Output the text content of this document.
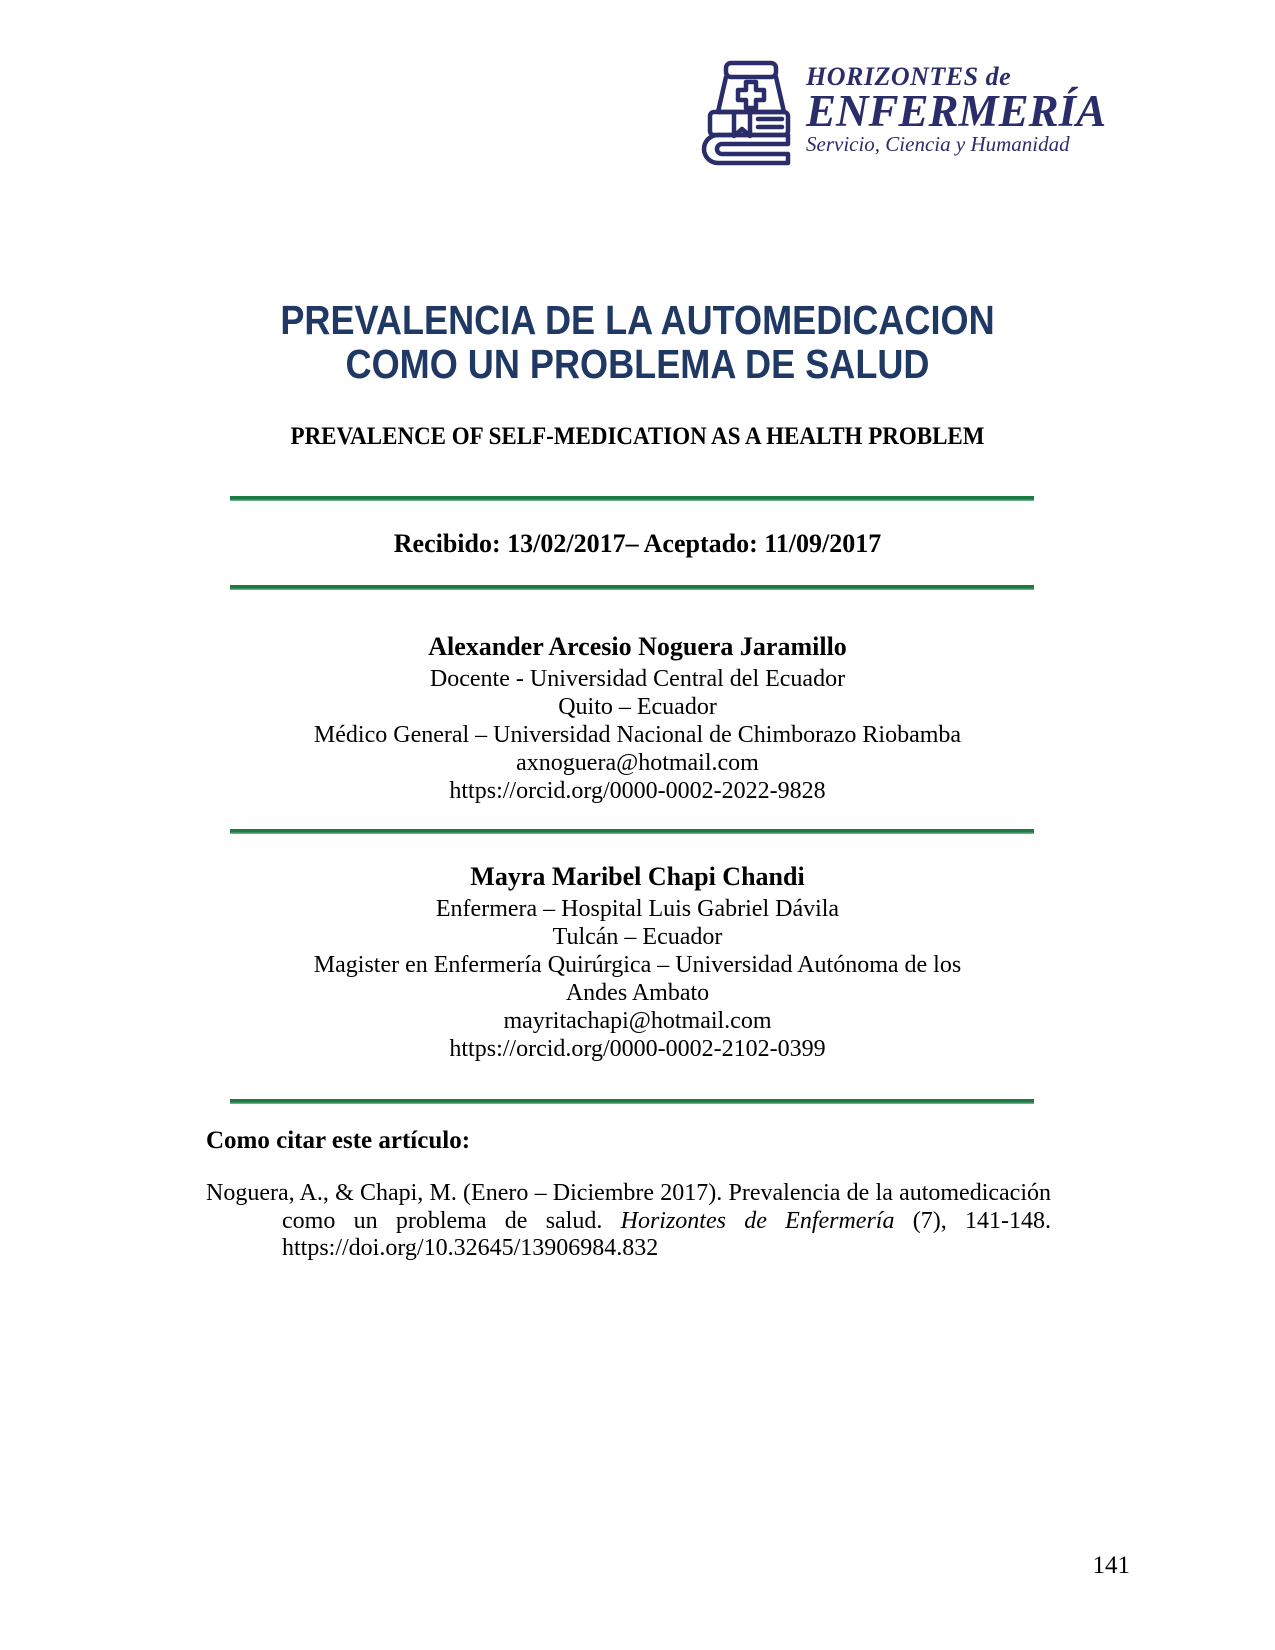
HORIZONTES de
ENFERMERÍA
Servicio, Ciencia y Humanidad
PREVALENCIA DE LA AUTOMEDICACION
COMO UN PROBLEMA DE SALUD
PREVALENCE OF SELF-MEDICATION AS A HEALTH PROBLEM
Recibido: 13/02/2017– Aceptado: 11/09/2017
Alexander Arcesio Noguera Jaramillo
Docente - Universidad Central del Ecuador
Quito – Ecuador
Médico General – Universidad Nacional de Chimborazo Riobamba
axnoguera@hotmail.com
https://orcid.org/0000-0002-2022-9828
Mayra Maribel Chapi Chandi
Enfermera – Hospital Luis Gabriel Dávila
Tulcán – Ecuador
Magister en Enfermería Quirúrgica – Universidad Autónoma de los
Andes Ambato
mayritachapi@hotmail.com
https://orcid.org/0000-0002-2102-0399
Como citar este artículo:

Noguera, A., & Chapi, M. (Enero – Diciembre 2017). Prevalencia de la automedicación como un problema de salud. Horizontes de Enfermería (7), 141-148. https://doi.org/10.32645/13906984.832

141
